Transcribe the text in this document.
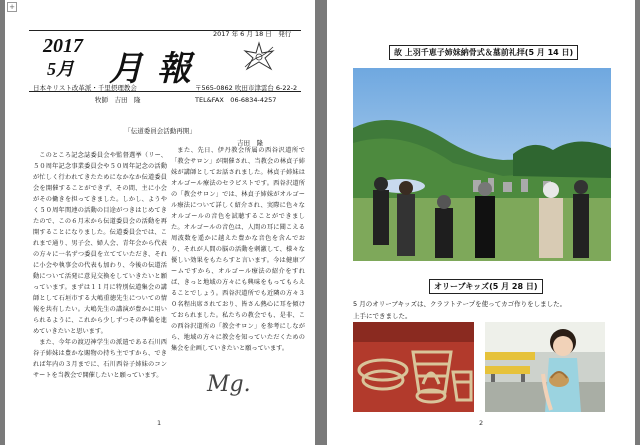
+
2017
5月 月報
2017 年 6 月 18 日　発行
日本キリスト改革派・千里摂理教会
牧師　吉田　隆
〒565-0862 吹田市津雲台 6-22-2
TEL&FAX　06-6834-4257
「伝道委員会活動再開」
吉田　隆

このところ記念誌委員会や監督選挙（リー、５０周年記念事業委員会や５０周年記念の活動が忙しく行われてきたためになかなか伝道委員会を開催することができず、その間、主に小会がその働きを担ってきました。しかし、ようやく５０周年関連の活動の目途がつきはじめてきたので、この６月末から伝道委員会の活動を再開することになりました。伝道委員会では、これまで通り、男子会、婦人会、青年会から代表の方々に一名ずつ委員を立てていただき、それに小会や執事会の代表も加わり、今後の伝道活動について活発に意見交換をしていきたいと願っています。まずは１１月に特別伝道集会の講師として石垣市する大嶋重徳先生についての情報を共有したい。大嶋先生の講演が豊かに用いられるように、これから少しずつその準備を進めていきたいと思います。

また、今年の渡辺神学生の派遣である石川西谷子姉妹は豊かな賜物の持ち主ですから、できれば年内の３月までに、石川西谷子姉妹のコンサートを当教会で開催したいと願っています。

また、先日、伊丹教会所属の西谷沢道所で「教会サロン」が開催され、当教会の林貞子姉妹が講師としてお話されました。林貞子姉妹はオルゴール療法のセラピストです。西谷沢道所の「教会サロン」では、林貞子姉妹がオルゴール療法について詳しく紹介され、実際に色々なオルゴールの音色を試聴することができました。オルゴールの音色は、人間の耳に聞こえる周波数を遥かに越えた豊かな音色を含んでおり、それが人間の脳の活動を刺激して、様々な優しい効果をもたらすと言います。今は健康ブームですから、オルゴール療法の紹介をすれば、きっと地域の方々にも興味をもってもらえることでしょう。西谷沢道所でも近隣の方々３０名程出席されており、皆さん熱心に耳を傾けておられました。私たちの教会でも、是非、この西谷沢道所の「教会サロン」を参考にしながら、地域の方々に教会を知っていただくための集会を企画していきたいと願っています。

Mg.
1
故 上羽千恵子姉妹納骨式＆墓前礼拝(5 月 14 日)
オリーブキッズ(5 月 28 日)
5 月のオリーブキッズは、クラフトテープを使ってカゴ作りをしました。
上手にできました。
2
